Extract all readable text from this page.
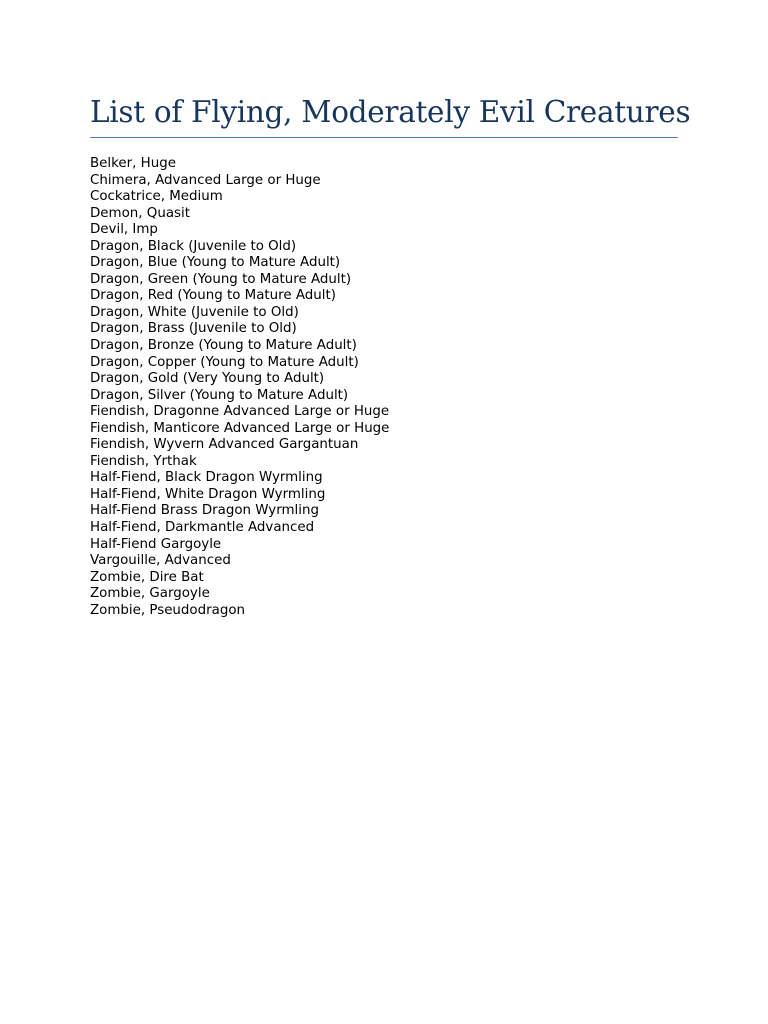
List of Flying, Moderately Evil Creatures
Belker, Huge
Chimera, Advanced Large or Huge
Cockatrice, Medium
Demon, Quasit
Devil, Imp
Dragon, Black (Juvenile to Old)
Dragon, Blue (Young to Mature Adult)
Dragon, Green (Young to Mature Adult)
Dragon, Red (Young to Mature Adult)
Dragon, White (Juvenile to Old)
Dragon, Brass (Juvenile to Old)
Dragon, Bronze (Young to Mature Adult)
Dragon, Copper (Young to Mature Adult)
Dragon, Gold (Very Young to Adult)
Dragon, Silver (Young to Mature Adult)
Fiendish, Dragonne Advanced Large or Huge
Fiendish, Manticore Advanced Large or Huge
Fiendish, Wyvern Advanced Gargantuan
Fiendish, Yrthak
Half-Fiend, Black Dragon Wyrmling
Half-Fiend, White Dragon Wyrmling
Half-Fiend Brass Dragon Wyrmling
Half-Fiend, Darkmantle Advanced
Half-Fiend Gargoyle
Vargouille, Advanced
Zombie, Dire Bat
Zombie, Gargoyle
Zombie, Pseudodragon
